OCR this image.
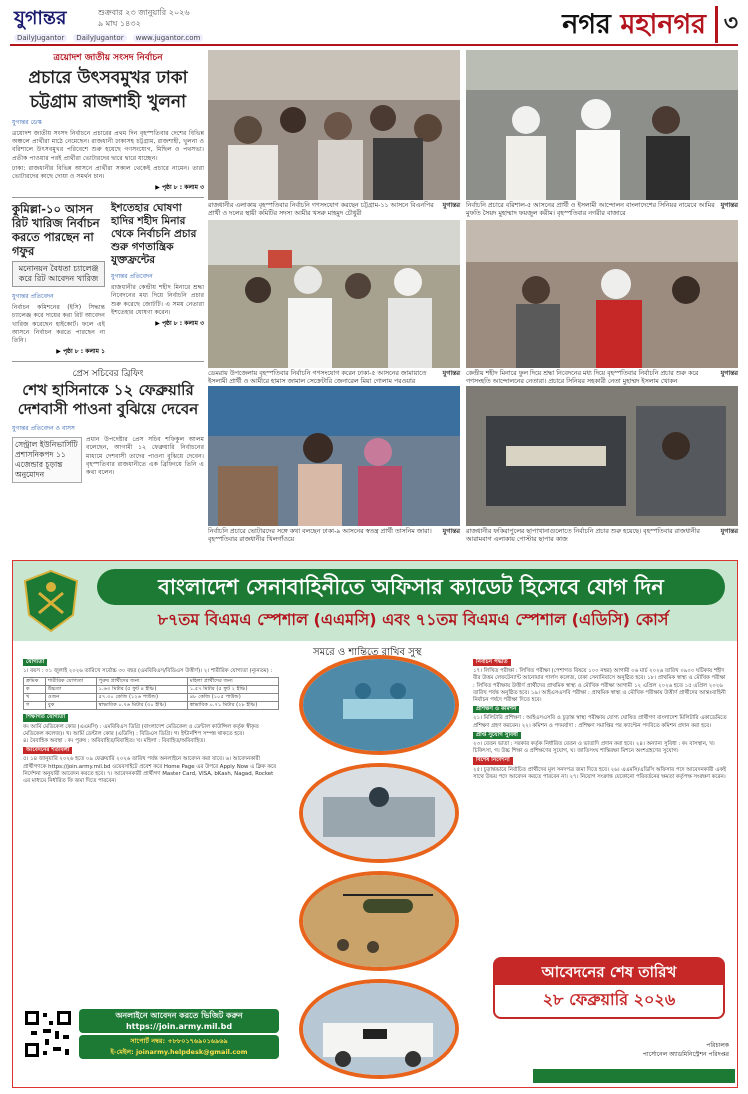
যুগান্তর	শুক্রবার ২৩ জানুয়ারি ২০২৬
৯ মাঘ ১৪৩২
DailyJugantor	DailyJugantor	www.jugantor.com	নগর মহানগর ৩
ত্রয়োদশ জাতীয় সংসদ নির্বাচন
প্রচারে উৎসবমুখর ঢাকা
চট্টগ্রাম রাজশাহী খুলনা
যুগান্তর ডেস্ক
ত্রয়োদশ জাতীয় সংসদ নির্বাচনে প্রচারের প্রথম দিন বৃহস্পতিবার দেশের বিভিন্ন অঞ্চলে প্রার্থীরা মাঠে নেমেছেন। রাজধানী ঢাকাসহ চট্টগ্রাম, রাজশাহী, খুলনা ও বরিশালে উৎসবমুখর পরিবেশে শুরু হয়েছে গণসংযোগ, মিছিল ও পথসভা। প্রতীক পাওয়ার পরই প্রার্থীরা ভোটারদের দ্বারে দ্বারে যাচ্ছেন।
ঢাকা: রাজধানীর বিভিন্ন আসনে প্রার্থীরা সকাল থেকেই প্রচারে নামেন। তারা ভোটারদের কাছে দোয়া ও সমর্থন চান।
▶ পৃষ্ঠা ৮ : কলাম ৩
কুমিল্লা-১০ আসন রিট খারিজ নির্বাচন করতে পারছেন না গফুর
মনোনয়ন বৈধতা চ্যালেঞ্জ করে রিট আবেদন খারিজ
যুগান্তর প্রতিবেদন
নির্বাচন কমিশনের (ইসি) সিদ্ধান্ত চ্যালেঞ্জ করে দায়ের করা রিট আবেদন খারিজ করেছেন হাইকোর্ট। ফলে এই আসনে নির্বাচন করতে পারছেন না তিনি।
▶ পৃষ্ঠা ৮ : কলাম ১
ইশতেহার ঘোষণা হাদির শহীদ মিনার থেকে নির্বাচনি প্রচার শুরু গণতান্ত্রিক যুক্তফ্রন্টের
যুগান্তর প্রতিবেদন
রাজধানীর কেন্দ্রীয় শহীদ মিনারে শ্রদ্ধা নিবেদনের মধ্য দিয়ে নির্বাচনি প্রচার শুরু করেছে জোটটি। এ সময় নেতারা ইশতেহার ঘোষণা করেন।
▶ পৃষ্ঠা ৮ : কলাম ৩
প্রেস সচিবের ব্রিফিং
শেখ হাসিনাকে ১২ ফেব্রুয়ারি দেশবাসী পাওনা বুঝিয়ে দেবেন
যুগান্তর প্রতিবেদন ও বাসস
সেন্ট্রাল ইউনিভার্সিটি প্রশাসনিকপদ ১১ এজেন্ডার চূড়ান্ত অনুমোদন
প্রধান উপদেষ্টার প্রেস সচিব শফিকুল আলম বলেছেন, আগামী ১২ ফেব্রুয়ারি নির্বাচনের মাধ্যমে দেশবাসী তাদের পাওনা বুঝিয়ে দেবেন। বৃহস্পতিবার রাজধানীতে এক ব্রিফিংয়ে তিনি এ কথা বলেন।
যুগান্তর
রাজধানীর এলাকায় বৃহস্পতিবার নির্বাচনি গণসংযোগ করছেন চট্টগ্রাম-১১ আসনে বিএনপির প্রার্থী ও দলের স্থায়ী কমিটির সদস্য আমীর খসরু মাহমুদ চৌধুরী
যুগান্তর
নির্বাচনি প্রচারে বরিশাল-৫ আসনের প্রার্থী ও ইসলামী আন্দোলন বাংলাদেশের সিনিয়র নায়েবে আমির মুফতি সৈয়দ মুহাম্মাদ ফয়জুল করীম। বৃহস্পতিবার নগরীর বাজারে
যুগান্তর
ডেমরায় উপজেলায় বৃহস্পতিবার নির্বাচনি গণসংযোগ করেন ঢাকা-৫ আসনের জামায়াতে ইসলামী প্রার্থী ও আমীরে হামাস জামাল সেক্রেটারি জেনারেল মিয়া গোলাম পরওয়ার
যুগান্তর
কেন্দ্রীয় শহীদ মিনারে ফুল দিয়ে শ্রদ্ধা নিবেদনের মধ্য দিয়ে বৃহস্পতিবার নির্বাচনি প্রচার শুরু করে গণসংহতি আন্দোলনের নেতারা। প্রচারে সিনিয়র সহকারী নেতা মুহাম্মদ ইসলাম খোকন
যুগান্তর
নির্বাচনি প্রচারে ভোটারদের সঙ্গে কথা বলছেন ঢাকা-৯ আসনের স্বতন্ত্র প্রার্থী তাসনিম জারা। বৃহস্পতিবার রাজধানীর খিলগাঁওয়ে
যুগান্তর
রাজধানীর ফকিরাপুলের ছাপাখানাগুলোতে নির্বাচনি প্রচার শুরু হয়েছে। বৃহস্পতিবার রাজধানীর আরামবাগ এলাকায় পোস্টার ছাপার কাজ
বাংলাদেশ সেনাবাহিনীতে অফিসার ক্যাডেট হিসেবে যোগ দিন
৮৭তম বিএমএ স্পেশাল (এএমসি) এবং ৭১তম বিএমএ স্পেশাল (এডিসি) কোর্স
সমরে ও শান্তিতে রাখিব সুস্থ
যোগ্যতা
১। বয়স : ০১ জুলাই ২০২৬ তারিখে সর্বোচ্চ ৩০ বছর (এমবিবিএস/বিডিএস উত্তীর্ণ)। ২। শারীরিক যোগ্যতা (ন্যূনতম) :
ক্রমিক	শারীরিক যোগ্যতা	পুরুষ প্রার্থীদের জন্য	মহিলা প্রার্থীদের জন্য
ক	উচ্চতা	১.৬৩ মিটার (৫ ফুট ৪ ইঞ্চি)	১.৫৭ মিটার (৫ ফুট ২ ইঞ্চি)
খ	ওজন	৫৭.৩০ কেজি (১২৬ পাউন্ড)	৪৮ কেজি (১০৫ পাউন্ড)
গ	বুক	স্বাভাবিক ০.৭৬ মিটার (৩০ ইঞ্চি)	স্বাভাবিক ০.৭১ মিটার (২৮ ইঞ্চি)
শিক্ষাগত যোগ্যতা
ক। আর্মি মেডিকেল কোর (এএমসি) : এমবিবিএস ডিগ্রি (বাংলাদেশ মেডিকেল ও ডেন্টাল কাউন্সিল কর্তৃক স্বীকৃত মেডিকেল কলেজ)। খ। আর্মি ডেন্টাল কোর (এডিসি) : বিডিএস ডিগ্রি। গ। ইন্টার্নশিপ সম্পন্ন থাকতে হবে।
৪। বৈবাহিক অবস্থা : ক। পুরুষ : অবিবাহিত/বিবাহিত। খ। মহিলা : বিবাহিত/অবিবাহিত।
আবেদনের শর্তাবলী
৫। ১৪ জানুয়ারি ২০২৬ হতে ০৯ ফেব্রুয়ারি ২০২৬ তারিখ পর্যন্ত অনলাইনে আবেদন করা যাবে। ৬। আবেদনকারী প্রার্থীগণকে https://join.army.mil.bd ওয়েবসাইটে প্রবেশ করে Home Page এর উপরে Apply Now এ ক্লিক করে নির্দেশনা অনুযায়ী আবেদন করতে হবে। ৭। আবেদনকারী প্রার্থীগণ Master Card, VISA, bKash, Nagad, Rocket এর মাধ্যমে নির্ধারিত ফি জমা দিতে পারবেন।
নির্বাচন পদ্ধতি
১৭। লিখিত পরীক্ষা : লিখিত পরীক্ষা (পেশাগত বিষয়ে ১০০ নম্বর) আগামী ০৬ মার্চ ২০২৬ তারিখ ০৯০০ ঘটিকায় শহীদ বীর উত্তম লেফটেন্যান্ট আনোয়ার গার্লস কলেজ, ঢাকা সেনানিবাসে অনুষ্ঠিত হবে। ১৮। প্রাথমিক স্বাস্থ্য ও মৌখিক পরীক্ষা : লিখিত পরীক্ষায় উত্তীর্ণ প্রার্থীদের প্রাথমিক স্বাস্থ্য ও মৌখিক পরীক্ষা আগামী ১২ এপ্রিল ২০২৬ হতে ১৫ এপ্রিল ২০২৬ তারিখ পর্যন্ত অনুষ্ঠিত হবে। ১৯। আইএসএসবি পরীক্ষা : প্রাথমিক স্বাস্থ্য ও মৌখিক পরীক্ষায় উত্তীর্ণ প্রার্থীদের আন্তঃবাহিনী নির্বাচন পর্ষদে পরীক্ষা দিতে হবে।
প্রশিক্ষণ ও কমিশন
২১। মিলিটারি প্রশিক্ষণ : আইএসএসবি ও চূড়ান্ত স্বাস্থ্য পরীক্ষায় যোগ্য ঘোষিত প্রার্থীগণ বাংলাদেশ মিলিটারি একাডেমিতে প্রশিক্ষণ গ্রহণ করবেন। ২২। কমিশন ও পদমর্যাদা : প্রশিক্ষণ সমাপ্তির পর ক্যাপ্টেন পদবিতে কমিশন প্রদান করা হবে।
প্রাপ্ত সুযোগ সুবিধা
২৩। বেতন ভাতা : সরকার কর্তৃক নির্ধারিত বেতন ও ভাতাদি প্রদান করা হবে। ২৪। অন্যান্য সুবিধা : ক। বাসস্থান, খ। চিকিৎসা, গ। উচ্চ শিক্ষা ও প্রশিক্ষণের সুযোগ, ঘ। জাতিসংঘ শান্তিরক্ষা মিশনে অংশগ্রহণের সুযোগ।
বিশেষ নির্দেশনা
২৫। চূড়ান্তভাবে নির্বাচিত প্রার্থীদের মূল সনদপত্র জমা দিতে হবে। ২৬। এএমসি/এডিসি অফিসার পদে আবেদনকারী একই সাথে উভয় পদে আবেদন করতে পারবেন না। ২৭। নিয়োগ সংক্রান্ত যেকোনো পরিবর্তনের ক্ষমতা কর্তৃপক্ষ সংরক্ষণ করেন।
অনলাইনে আবেদন করতে ভিজিট করুন
https://join.army.mil.bd
সাপোর্ট নম্বর: +৮৮০১৭৬৯০১৬৯৬৯
ই-মেইল: joinarmy.helpdesk@gmail.com
আবেদনের শেষ তারিখ
২৮ ফেব্রুয়ারি ২০২৬
পরিচালক
পার্সোনেল অ্যাডমিনিস্ট্রেশন পরিদপ্তর
অ্যাডজুট্যান্ট জেনারেল শাখা, সেনাবাহিনী সদর দপ্তর, ঢাকা
